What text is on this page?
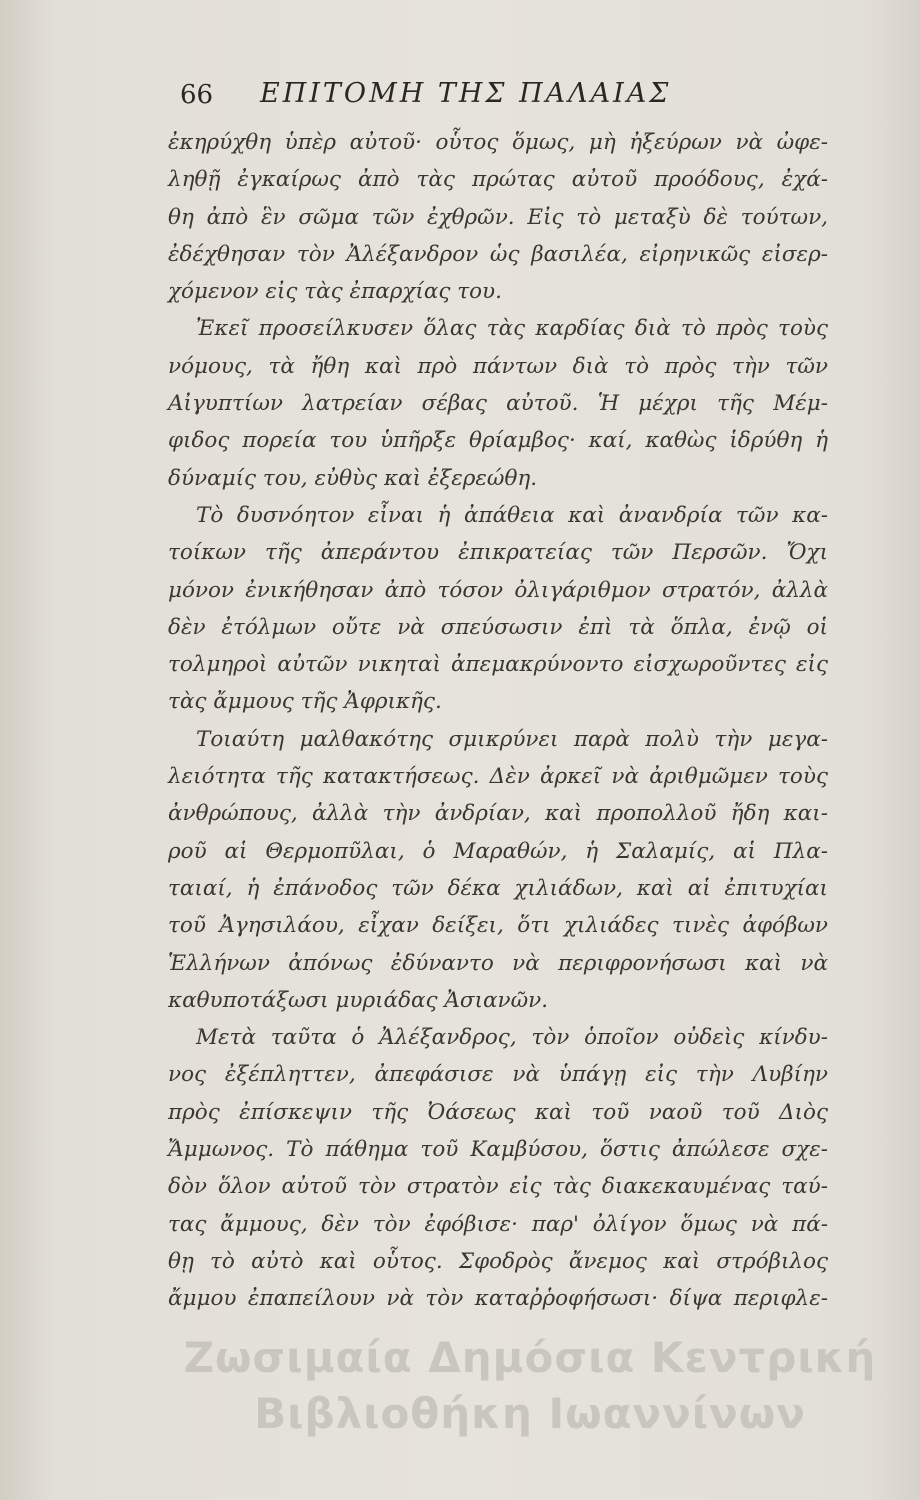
66 ΕΠΙΤΟΜΗ ΤΗΣ ΠΑΛΑΙΑΣ
ἐκηρύχθη ὑπὲρ αὐτοῦ· οὗτος ὅμως, μὴ ἠξεύρων νὰ ὠφε-
ληθῇ ἐγκαίρως ἀπὸ τὰς πρώτας αὐτοῦ προόδους, ἐχά-
θη ἀπὸ ἓν σῶμα τῶν ἐχθρῶν. Εἰς τὸ μεταξὺ δὲ τούτων,
ἐδέχθησαν τὸν Ἀλέξανδρον ὡς βασιλέα, εἰρηνικῶς εἰσερ-
χόμενον εἰς τὰς ἐπαρχίας του.
Ἐκεῖ προσείλκυσεν ὅλας τὰς καρδίας διὰ τὸ πρὸς τοὺς
νόμους, τὰ ἤθη καὶ πρὸ πάντων διὰ τὸ πρὸς τὴν τῶν
Αἰγυπτίων λατρείαν σέβας αὐτοῦ. Ἡ μέχρι τῆς Μέμ-
φιδος πορεία του ὑπῆρξε θρίαμβος· καί, καθὼς ἱδρύθη ἡ
δύναμίς του, εὐθὺς καὶ ἐξερεώθη.
Τὸ δυσνόητον εἶναι ἡ ἀπάθεια καὶ ἀνανδρία τῶν κα-
τοίκων τῆς ἀπεράντου ἐπικρατείας τῶν Περσῶν. Ὄχι
μόνον ἐνικήθησαν ἀπὸ τόσον ὀλιγάριθμον στρατόν, ἀλλὰ
δὲν ἐτόλμων οὔτε νὰ σπεύσωσιν ἐπὶ τὰ ὅπλα, ἐνῷ οἱ
τολμηροὶ αὐτῶν νικηταὶ ἀπεμακρύνοντο εἰσχωροῦντες εἰς
τὰς ἄμμους τῆς Ἀφρικῆς.
Τοιαύτη μαλθακότης σμικρύνει παρὰ πολὺ τὴν μεγα-
λειότητα τῆς κατακτήσεως. Δὲν ἀρκεῖ νὰ ἀριθμῶμεν τοὺς
ἀνθρώπους, ἀλλὰ τὴν ἀνδρίαν, καὶ προπολλοῦ ἤδη και-
ροῦ αἱ Θερμοπῦλαι, ὁ Μαραθών, ἡ Σαλαμίς, αἱ Πλα-
ταιαί, ἡ ἐπάνοδος τῶν δέκα χιλιάδων, καὶ αἱ ἐπιτυχίαι
τοῦ Ἀγησιλάου, εἶχαν δείξει, ὅτι χιλιάδες τινὲς ἀφόβων
Ἑλλήνων ἀπόνως ἐδύναντο νὰ περιφρονήσωσι καὶ νὰ
καθυποτάξωσι μυριάδας Ἀσιανῶν.
Μετὰ ταῦτα ὁ Ἀλέξανδρος, τὸν ὁποῖον οὐδεὶς κίνδυ-
νος ἐξέπληττεν, ἀπεφάσισε νὰ ὑπάγῃ εἰς τὴν Λυβίην
πρὸς ἐπίσκεψιν τῆς Ὀάσεως καὶ τοῦ ναοῦ τοῦ Διὸς
Ἄμμωνος. Τὸ πάθημα τοῦ Καμβύσου, ὅστις ἀπώλεσε σχε-
δὸν ὅλον αὐτοῦ τὸν στρατὸν εἰς τὰς διακεκαυμένας ταύ-
τας ἄμμους, δὲν τὸν ἐφόβισε· παρ' ὀλίγον ὅμως νὰ πά-
θῃ τὸ αὐτὸ καὶ οὗτος. Σφοδρὸς ἄνεμος καὶ στρόβιλος
ἄμμου ἐπαπείλουν νὰ τὸν καταῤῥοφήσωσι· δίψα περιφλε-
Ζωσιμαία Δημόσια Κεντρική
Βιβλιοθήκη Ιωαννίνων
